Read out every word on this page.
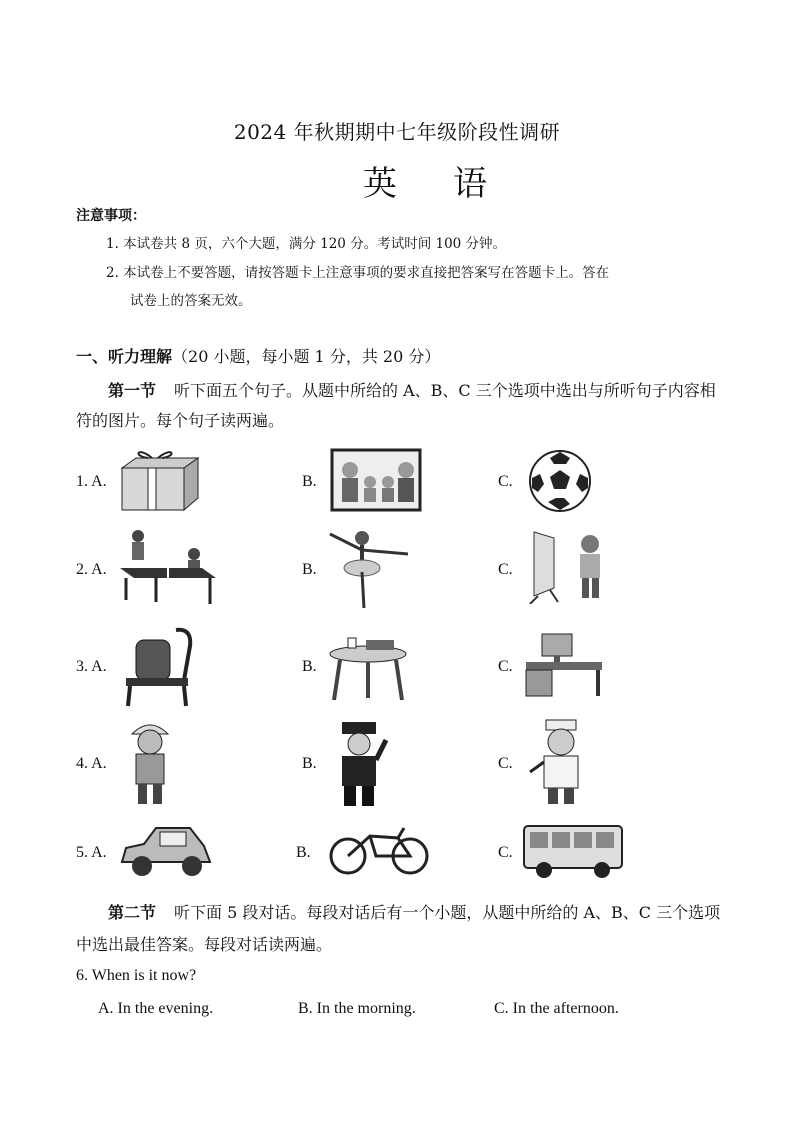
2024 年秋期期中七年级阶段性调研
英语
注意事项：
1. 本试卷共 8 页，六个大题，满分 120 分。考试时间 100 分钟。
2. 本试卷上不要答题，请按答题卡上注意事项的要求直接把答案写在答题卡上。答在
试卷上的答案无效。
一、听力理解（20 小题，每小题 1 分，共 20 分）
第一节 听下面五个句子。从题中所给的 A、B、C 三个选项中选出与所听句子内容相符的图片。每个句子读两遍。
1. A.	B.	C.
2. A.	B.	C.
3. A.	B.	C.
4. A.	B.	C.
5. A.	B.	C.
第二节 听下面 5 段对话。每段对话后有一个小题，从题中所给的 A、B、C 三个选项中选出最佳答案。每段对话读两遍。
6. When is it now?
A. In the evening.	B. In the morning.	C. In the afternoon.
